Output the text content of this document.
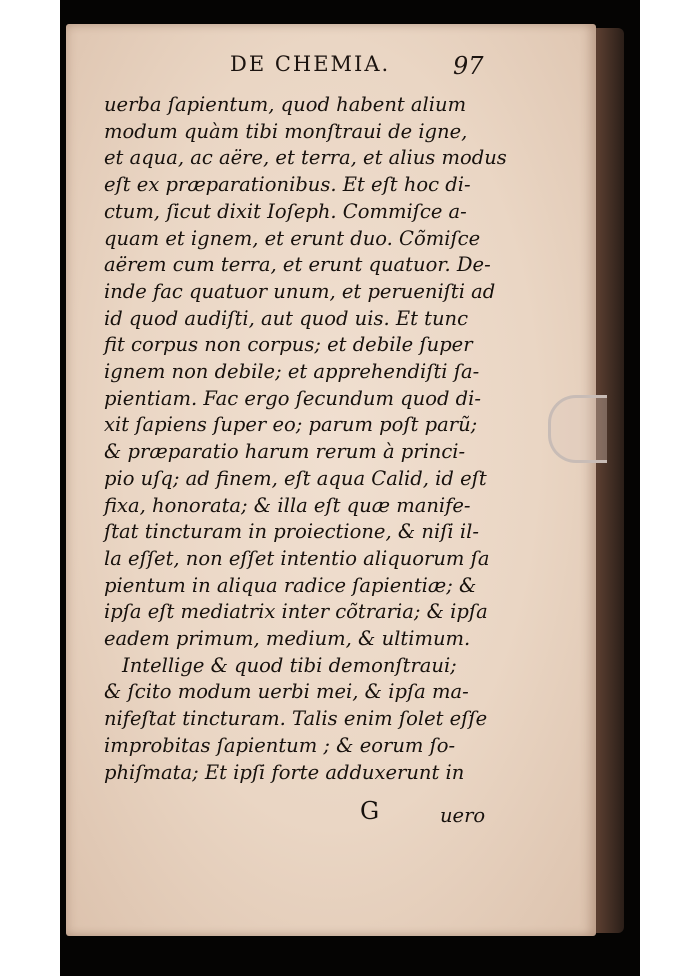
DE CHEMIA.	97
uerba ſapientum, quod habent alium
modum quàm tibi monſtraui de igne,
et aqua, ac aëre, et terra, et alius modus
eſt ex præparationibus. Et eſt hoc di-
ctum, ſicut dixit Ioſeph. Commiſce a-
quam et ignem, et erunt duo. Cõmiſce
aërem cum terra, et erunt quatuor. De-
inde fac quatuor unum, et perueniſti ad
id quod audiſti, aut quod uis. Et tunc
fit corpus non corpus; et debile ſuper
ignem non debile; et apprehendiſti ſa-
pientiam. Fac ergo ſecundum quod di-
xit ſapiens ſuper eo; parum poſt parũ;
& præparatio harum rerum à princi-
pio uſq; ad finem, eſt aqua Calid, id eſt
fixa, honorata; & illa eſt quæ manife-
ſtat tincturam in proiectione, & niſi il-
la eſſet, non eſſet intentio aliquorum ſa
pientum in aliqua radice ſapientiæ; &
ipſa eſt mediatrix inter cõtraria; & ipſa
eadem primum, medium, & ultimum.
Intellige & quod tibi demonſtraui;
& ſcito modum uerbi mei, & ipſa ma-
nifeſtat tincturam. Talis enim ſolet eſſe
improbitas ſapientum ; & eorum ſo-
phiſmata; Et ipſi forte adduxerunt in
G	uero
